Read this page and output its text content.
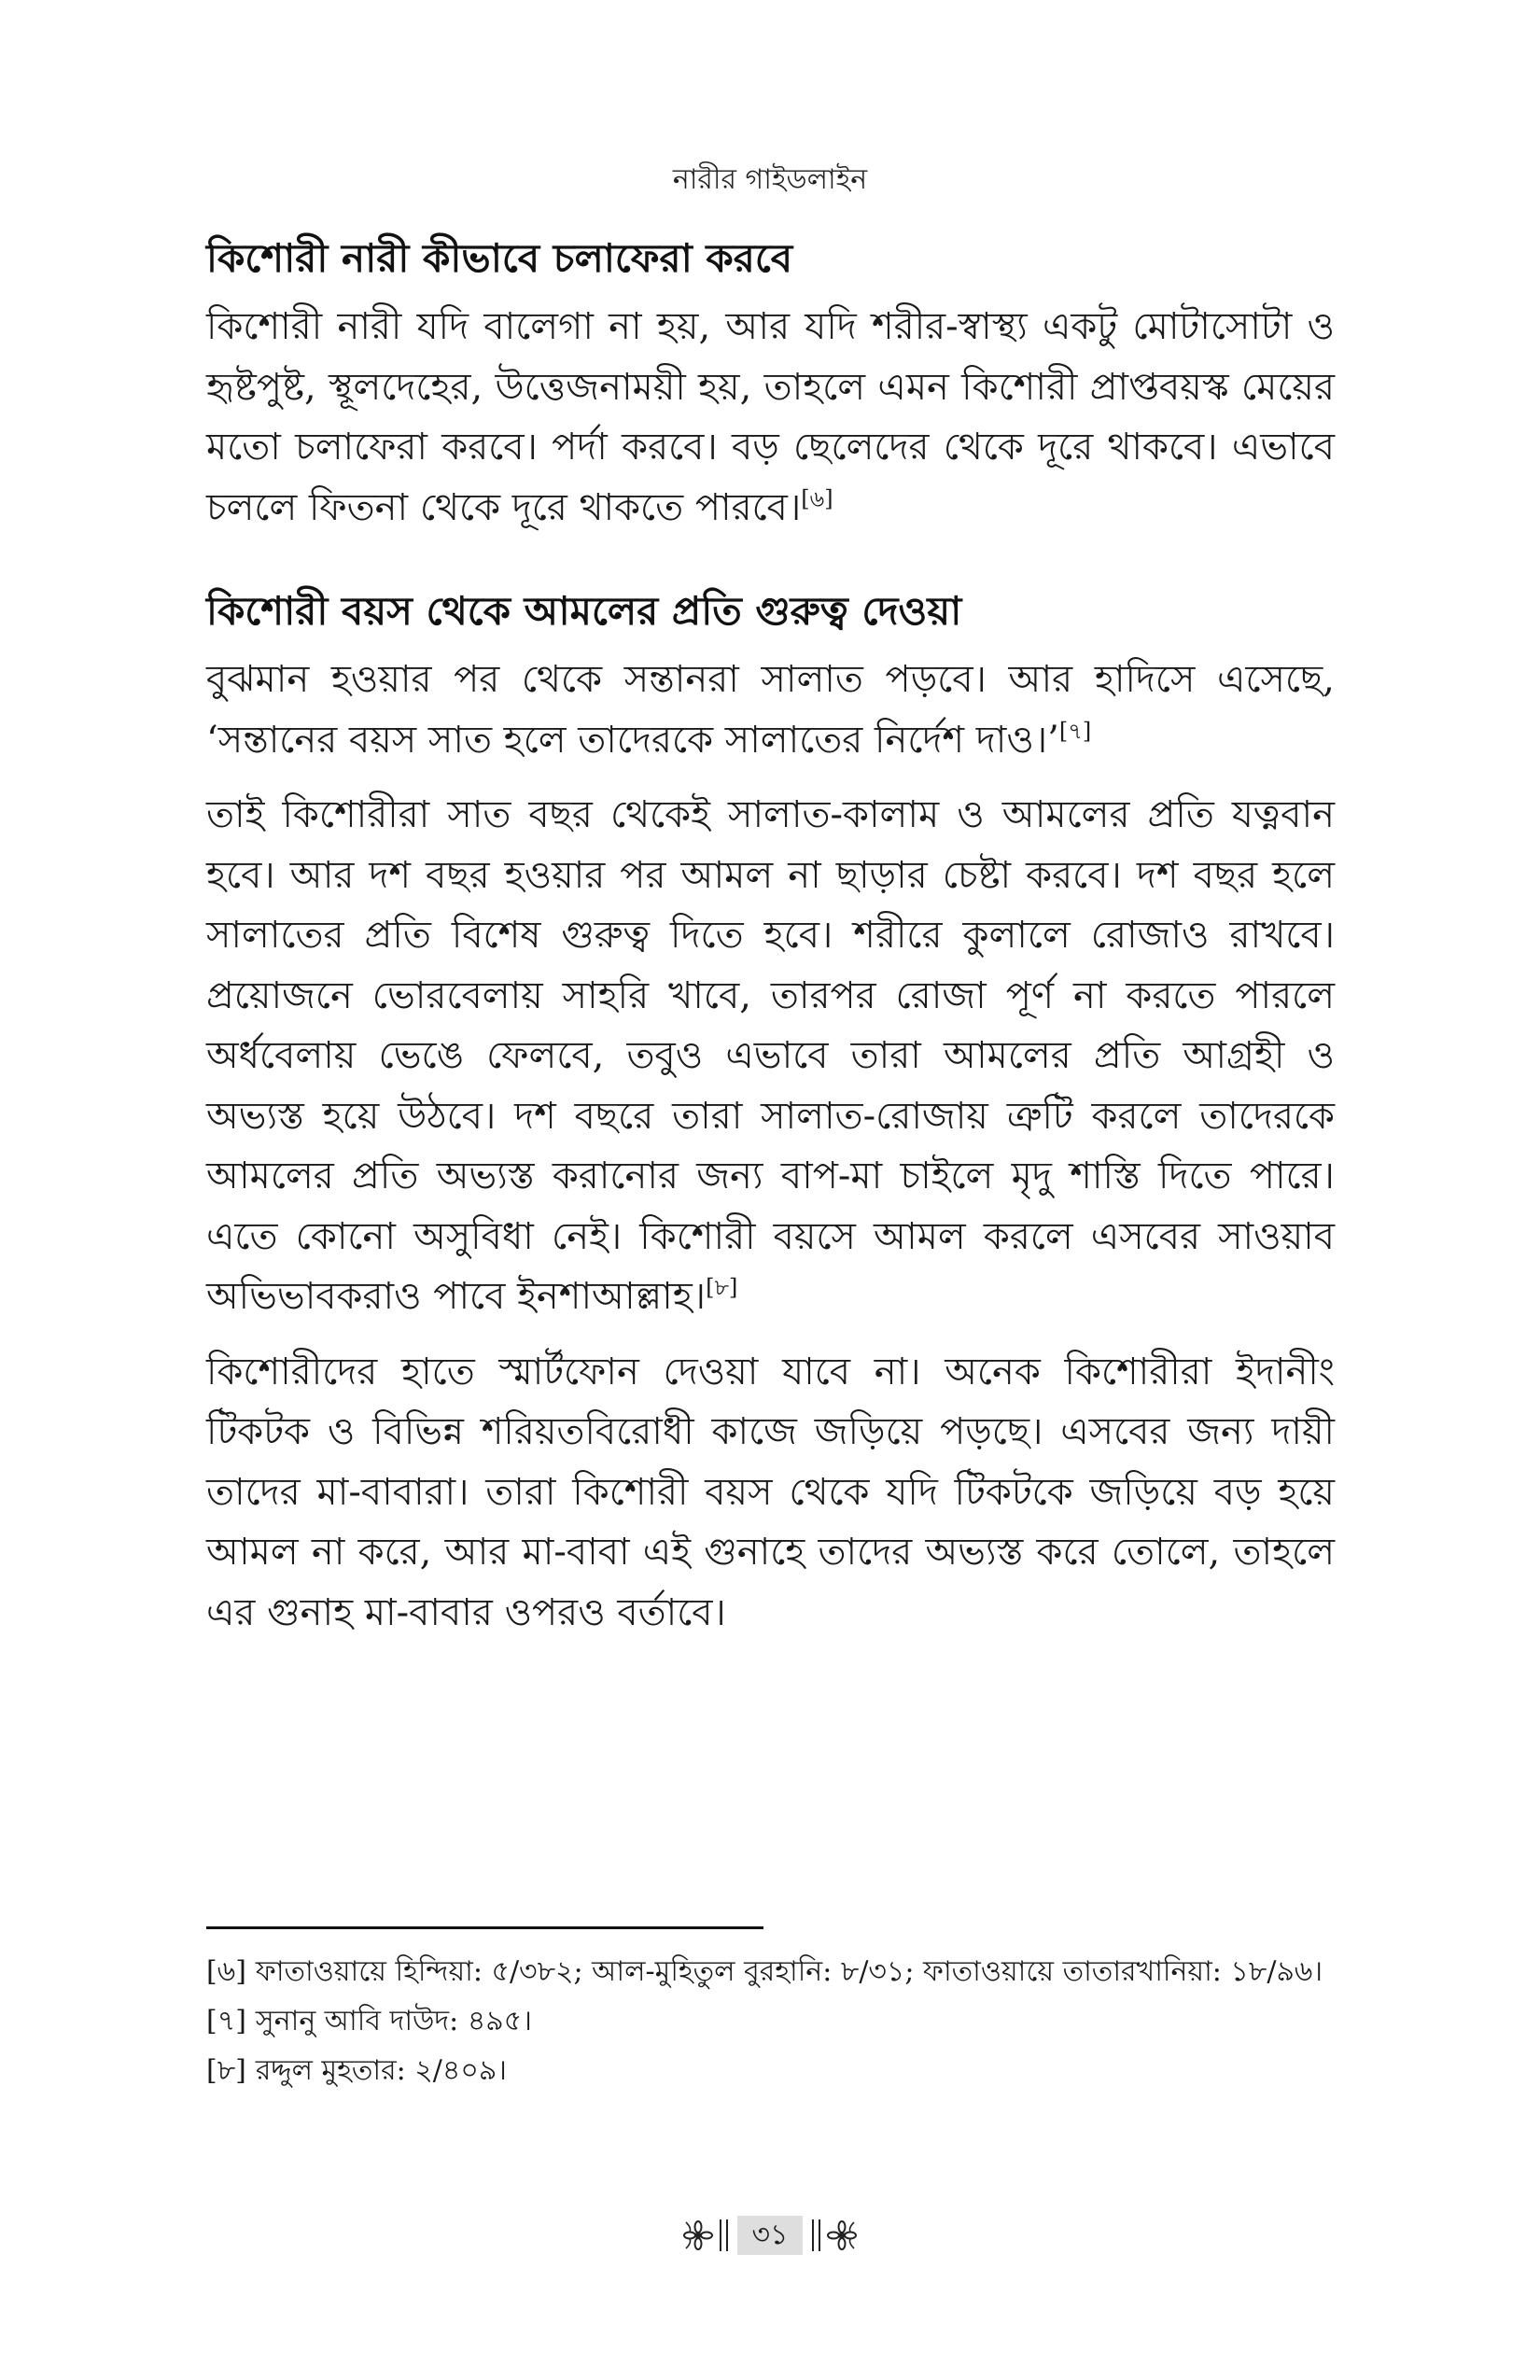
নারীর গাইডলাইন
কিশোরী নারী কীভাবে চলাফেরা করবে

কিশোরী নারী যদি বালেগা না হয়, আর যদি শরীর-স্বাস্থ্য একটু মোটাসোটা ও হৃষ্টপুষ্ট, স্থূলদেহের, উত্তেজনাময়ী হয়, তাহলে এমন কিশোরী প্রাপ্তবয়স্ক মেয়ের মতো চলাফেরা করবে। পর্দা করবে। বড় ছেলেদের থেকে দূরে থাকবে। এভাবে চললে ফিতনা থেকে দূরে থাকতে পারবে।[৬]

কিশোরী বয়স থেকে আমলের প্রতি গুরুত্ব দেওয়া

বুঝমান হওয়ার পর থেকে সন্তানরা সালাত পড়বে। আর হাদিসে এসেছে, ‘সন্তানের বয়স সাত হলে তাদেরকে সালাতের নির্দেশ দাও।’[৭]

তাই কিশোরীরা সাত বছর থেকেই সালাত-কালাম ও আমলের প্রতি যত্নবান হবে। আর দশ বছর হওয়ার পর আমল না ছাড়ার চেষ্টা করবে। দশ বছর হলে সালাতের প্রতি বিশেষ গুরুত্ব দিতে হবে। শরীরে কুলালে রোজাও রাখবে। প্রয়োজনে ভোরবেলায় সাহরি খাবে, তারপর রোজা পূর্ণ না করতে পারলে অর্ধবেলায় ভেঙে ফেলবে, তবুও এভাবে তারা আমলের প্রতি আগ্রহী ও অভ্যস্ত হয়ে উঠবে। দশ বছরে তারা সালাত-রোজায় ত্রুটি করলে তাদেরকে আমলের প্রতি অভ্যস্ত করানোর জন্য বাপ-মা চাইলে মৃদু শাস্তি দিতে পারে। এতে কোনো অসুবিধা নেই। কিশোরী বয়সে আমল করলে এসবের সাওয়াব অভিভাবকরাও পাবে ইনশাআল্লাহ।[৮]

কিশোরীদের হাতে স্মার্টফোন দেওয়া যাবে না। অনেক কিশোরীরা ইদানীং টিকটক ও বিভিন্ন শরিয়তবিরোধী কাজে জড়িয়ে পড়ছে। এসবের জন্য দায়ী তাদের মা-বাবারা। তারা কিশোরী বয়স থেকে যদি টিকটকে জড়িয়ে বড় হয়ে আমল না করে, আর মা-বাবা এই গুনাহে তাদের অভ্যস্ত করে তোলে, তাহলে এর গুনাহ মা-বাবার ওপরও বর্তাবে।

[৬] ফাতাওয়ায়ে হিন্দিয়া: ৫/৩৮২; আল-মুহিতুল বুরহানি: ৮/৩১; ফাতাওয়ায়ে তাতারখানিয়া: ১৮/৯৬।
[৭] সুনানু আবি দাউদ: ৪৯৫।
[৮] রদ্দুল মুহতার: ২/৪০৯।
৩১
